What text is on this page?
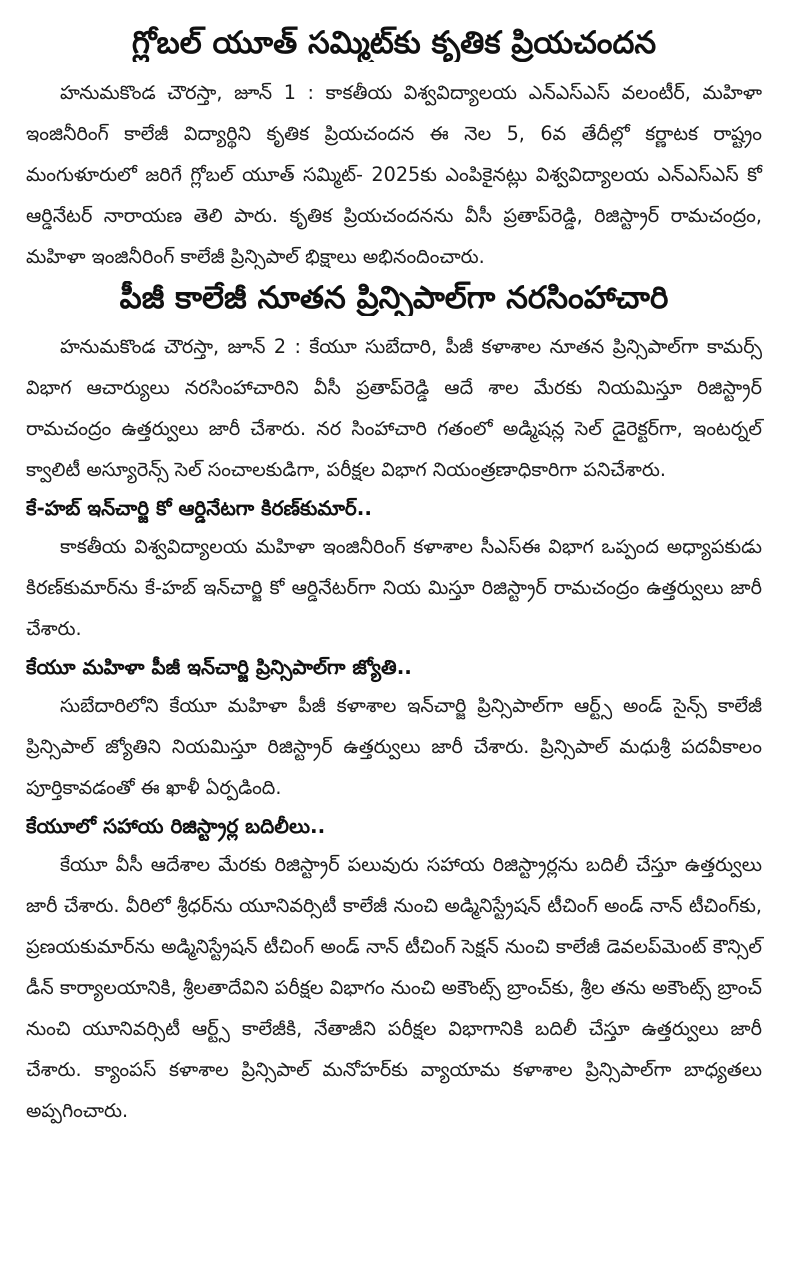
గ్లోబల్ యూత్ సమ్మిట్‌కు కృతిక ప్రియచందన

హనుమకొండ చౌరస్తా, జూన్ 1 : కాకతీయ విశ్వవిద్యాలయ ఎన్‌ఎస్‌ఎస్ వలంటీర్, మహిళా ఇంజినీరింగ్ కాలేజీ విద్యార్థిని కృతిక ప్రియచందన ఈ నెల 5, 6వ తేదీల్లో కర్ణాటక రాష్ట్రం మంగుళూరులో జరిగే గ్లోబల్ యూత్ సమ్మిట్- 2025కు ఎంపికైనట్లు విశ్వవిద్యాలయ ఎన్‌ఎస్‌ఎస్ కో ఆర్డినేటర్ నారాయణ తెలి పారు. కృతిక ప్రియచందనను వీసీ ప్రతాప్‌రెడ్డి, రిజిస్ట్రార్ రామచంద్రం, మహిళా ఇంజినీరింగ్ కాలేజీ ప్రిన్సిపాల్ భిక్షాలు అభినందించారు.

పీజీ కాలేజీ నూతన ప్రిన్సిపాల్‌గా నరసింహాచారి

హనుమకొండ చౌరస్తా, జూన్ 2 : కేయూ సుబేదారి, పీజీ కళాశాల నూతన ప్రిన్సిపాల్‌గా కామర్స్ విభాగ ఆచార్యులు నరసింహాచారిని వీసీ ప్రతాప్‌రెడ్డి ఆదే శాల మేరకు నియమిస్తూ రిజిస్ట్రార్ రామచంద్రం ఉత్తర్వులు జారీ చేశారు. నర సింహాచారి గతంలో అడ్మిషన్ల సెల్ డైరెక్టర్‌గా, ఇంటర్నల్ క్వాలిటీ అస్యూరెన్స్ సెల్ సంచాలకుడిగా, పరీక్షల విభాగ నియంత్రణాధికారిగా పనిచేశారు.

కే-హబ్ ఇన్‌చార్జి కో ఆర్డినేటగా కిరణ్‌కుమార్..

కాకతీయ విశ్వవిద్యాలయ మహిళా ఇంజినీరింగ్ కళాశాల సీఎస్‌ఈ విభాగ ఒప్పంద అధ్యాపకుడు కిరణ్‌కుమార్‌ను కే-హబ్ ఇన్‌చార్జి కో ఆర్డినేటర్‌గా నియ మిస్తూ రిజిస్ట్రార్ రామచంద్రం ఉత్తర్వులు జారీ చేశారు.

కేయూ మహిళా పీజీ ఇన్‌చార్జి ప్రిన్సిపాల్‌గా జ్యోతి..

సుబేదారిలోని కేయూ మహిళా పీజీ కళాశాల ఇన్‌చార్జి ప్రిన్సిపాల్‌గా ఆర్ట్స్ అండ్ సైన్స్ కాలేజీ ప్రిన్సిపాల్ జ్యోతిని నియమిస్తూ రిజిస్ట్రార్ ఉత్తర్వులు జారీ చేశారు. ప్రిన్సిపాల్ మధుశ్రీ పదవీకాలం పూర్తికావడంతో ఈ ఖాళీ ఏర్పడింది.

కేయూలో సహాయ రిజిస్ట్రార్ల బదిలీలు..

కేయూ వీసీ ఆదేశాల మేరకు రిజిస్ట్రార్ పలువురు సహాయ రిజిస్ట్రార్లను బదిలీ చేస్తూ ఉత్తర్వులు జారీ చేశారు. వీరిలో శ్రీధర్‌ను యూనివర్సిటీ కాలేజీ నుంచి అడ్మినిస్ట్రేషన్ టీచింగ్ అండ్ నాన్ టీచింగ్‌కు, ప్రణయకుమార్‌ను అడ్మినిస్ట్రేషన్ టీచింగ్ అండ్ నాన్ టీచింగ్ సెక్షన్ నుంచి కాలేజీ డెవలప్‌మెంట్ కౌన్సిల్ డీన్ కార్యాలయానికి, శ్రీలతాదేవిని పరీక్షల విభాగం నుంచి అకౌంట్స్ బ్రాంచ్‌కు, శ్రీల తను అకౌంట్స్ బ్రాంచ్ నుంచి యూనివర్సిటీ ఆర్ట్స్ కాలేజీకి, నేతాజీని పరీక్షల విభాగానికి బదిలీ చేస్తూ ఉత్తర్వులు జారీ చేశారు. క్యాంపస్ కళాశాల ప్రిన్సిపాల్ మనోహర్‌కు వ్యాయామ కళాశాల ప్రిన్సిపాల్‌గా బాధ్యతలు అప్పగించారు.
